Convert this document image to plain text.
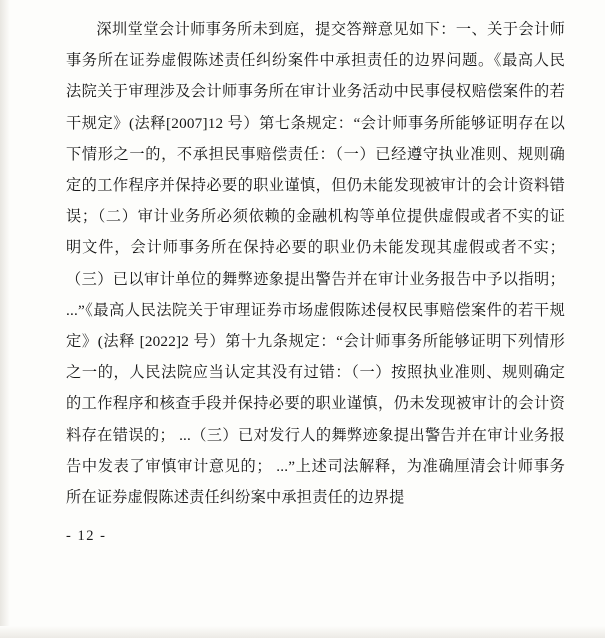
深圳堂堂会计师事务所未到庭，提交答辩意见如下：一、关于会计师事务所在证券虚假陈述责任纠纷案件中承担责任的边界问题。《最高人民法院关于审理涉及会计师事务所在审计业务活动中民事侵权赔偿案件的若干规定》(法释[2007]12 号）第七条规定：“会计师事务所能够证明存在以下情形之一的，不承担民事赔偿责任：（一）已经遵守执业准则、规则确定的工作程序并保持必要的职业谨慎，但仍未能发现被审计的会计资料错误；（二）审计业务所必须依赖的金融机构等单位提供虚假或者不实的证明文件，会计师事务所在保持必要的职业仍未能发现其虚假或者不实；（三）已以审计单位的舞弊迹象提出警告并在审计业务报告中予以指明； ...”《最高人民法院关于审理证券市场虚假陈述侵权民事赔偿案件的若干规定》(法释 [2022]2 号）第十九条规定：“会计师事务所能够证明下列情形之一的，人民法院应当认定其没有过错：（一）按照执业准则、规则确定的工作程序和核查手段并保持必要的职业谨慎，仍未发现被审计的会计资料存在错误的； ...（三）已对发行人的舞弊迹象提出警告并在审计业务报告中发表了审慎审计意见的； ...”上述司法解释，为准确厘清会计师事务所在证券虚假陈述责任纠纷案中承担责任的边界提

- 12 -
